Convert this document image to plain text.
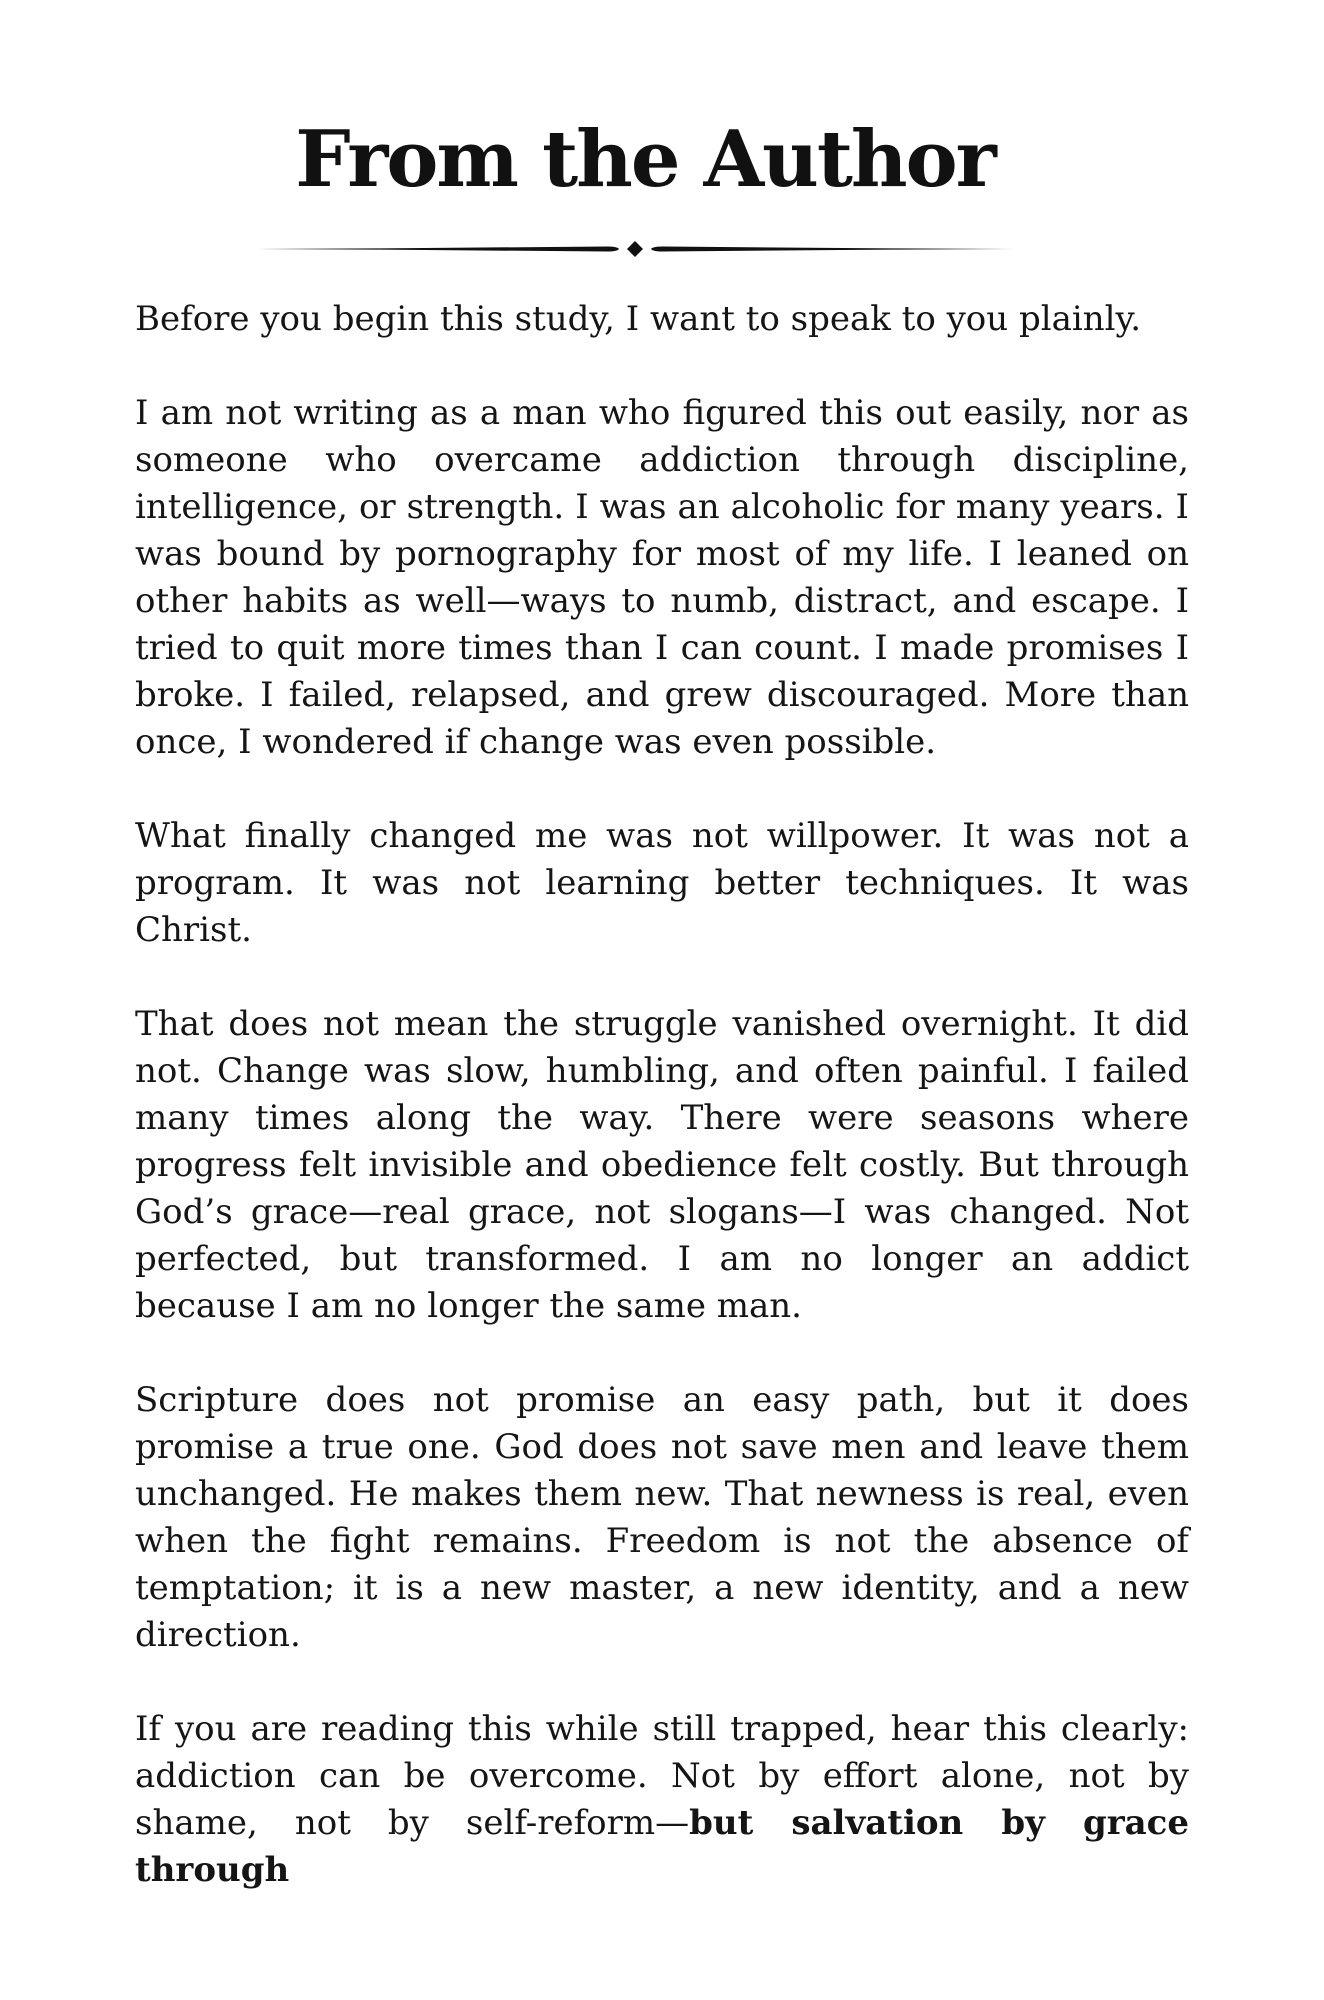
From the Author

Before you begin this study, I want to speak to you plainly.

I am not writing as a man who figured this out easily, nor as someone who overcame addiction through discipline, intelligence, or strength. I was an alcoholic for many years. I was bound by pornography for most of my life. I leaned on other habits as well—ways to numb, distract, and escape. I tried to quit more times than I can count. I made promises I broke. I failed, relapsed, and grew discouraged. More than once, I wondered if change was even possible.

What finally changed me was not willpower. It was not a program. It was not learning better techniques. It was Christ.

That does not mean the struggle vanished overnight. It did not. Change was slow, humbling, and often painful. I failed many times along the way. There were seasons where progress felt invisible and obedience felt costly. But through God’s grace—real grace, not slogans—I was changed. Not perfected, but transformed. I am no longer an addict because I am no longer the same man.

Scripture does not promise an easy path, but it does promise a true one. God does not save men and leave them unchanged. He makes them new. That newness is real, even when the fight remains. Freedom is not the absence of temptation; it is a new master, a new identity, and a new direction.

If you are reading this while still trapped, hear this clearly: addiction can be overcome. Not by effort alone, not by shame, not by self-reform—but salvation by grace through
